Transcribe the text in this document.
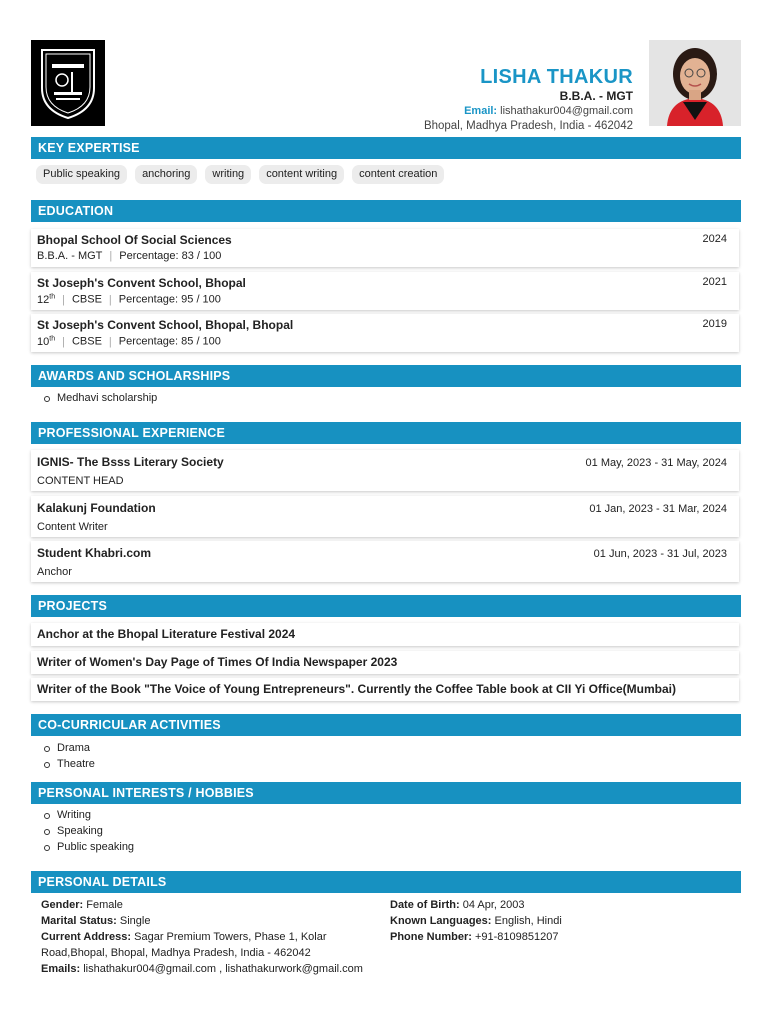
LISHA THAKUR
B.B.A. - MGT
Email: lishathakur004@gmail.com
Bhopal, Madhya Pradesh, India - 462042
KEY EXPERTISE
Public speaking	anchoring	writing	content writing	content creation
EDUCATION
Bhopal School Of Social Sciences	2024
B.B.A. - MGT | Percentage: 83 / 100
St Joseph's Convent School, Bhopal	2021
12th | CBSE | Percentage: 95 / 100
St Joseph's Convent School, Bhopal, Bhopal	2019
10th | CBSE | Percentage: 85 / 100
AWARDS AND SCHOLARSHIPS
Medhavi scholarship
PROFESSIONAL EXPERIENCE
IGNIS- The Bsss Literary Society	01 May, 2023 - 31 May, 2024
CONTENT HEAD
Kalakunj Foundation	01 Jan, 2023 - 31 Mar, 2024
Content Writer
Student Khabri.com	01 Jun, 2023 - 31 Jul, 2023
Anchor
PROJECTS
Anchor at the Bhopal Literature Festival 2024
Writer of Women's Day Page of Times Of India Newspaper 2023
Writer of the Book "The Voice of Young Entrepreneurs". Currently the Coffee Table book at CII Yi Office(Mumbai)
CO-CURRICULAR ACTIVITIES
Drama
Theatre
PERSONAL INTERESTS / HOBBIES
Writing
Speaking
Public speaking
PERSONAL DETAILS
Gender: Female
Marital Status: Single
Current Address: Sagar Premium Towers, Phase 1, Kolar
Road,Bhopal, Bhopal, Madhya Pradesh, India - 462042
Emails: lishathakur004@gmail.com , lishathakurwork@gmail.com
Date of Birth: 04 Apr, 2003
Known Languages: English, Hindi
Phone Number: +91-8109851207
